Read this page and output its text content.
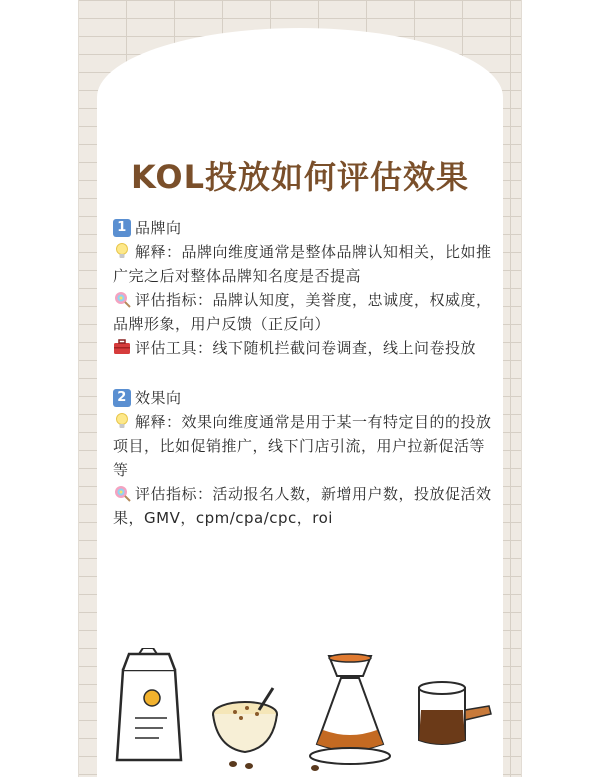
KOL投放如何评估效果
1 品牌向

解释：品牌向维度通常是整体品牌认知相关，比如推广完之后对整体品牌知名度是否提高

评估指标：品牌认知度，美誉度，忠诚度，权威度，品牌形象，用户反馈（正反向）

评估工具：线下随机拦截问卷调查，线上问卷投放

2 效果向

解释：效果向维度通常是用于某一有特定目的的投放项目，比如促销推广，线下门店引流，用户拉新促活等等

评估指标：活动报名人数，新增用户数，投放促活效果，GMV，cpm/cpa/cpc，roi
